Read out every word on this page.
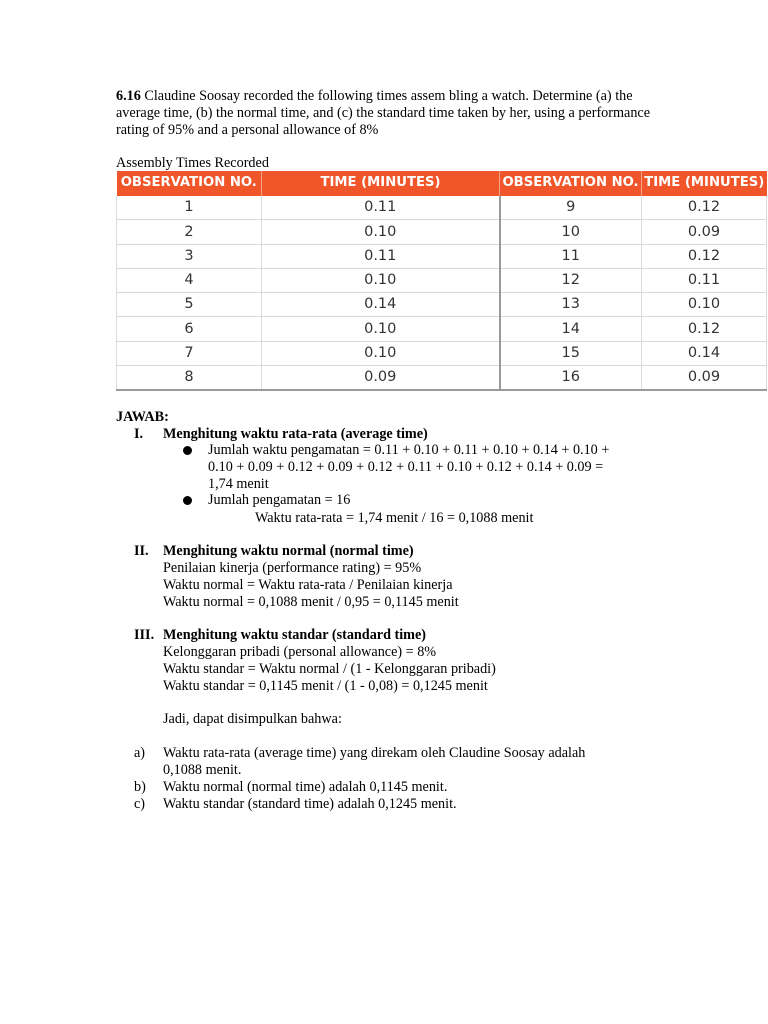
6.16 Claudine Soosay recorded the following times assem bling a watch. Determine (a) the average time, (b) the normal time, and (c) the standard time taken by her, using a performance rating of 95% and a personal allowance of 8%
Assembly Times Recorded
OBSERVATION NO.	TIME (MINUTES)	OBSERVATION NO.	TIME (MINUTES)
1	0.11	9	0.12
2	0.10	10	0.09
3	0.11	11	0.12
4	0.10	12	0.11
5	0.14	13	0.10
6	0.10	14	0.12
7	0.10	15	0.14
8	0.09	16	0.09
JAWAB:
I. Menghitung waktu rata-rata (average time)
Jumlah waktu pengamatan = 0.11 + 0.10 + 0.11 + 0.10 + 0.14 + 0.10 +
0.10 + 0.09 + 0.12 + 0.09 + 0.12 + 0.11 + 0.10 + 0.12 + 0.14 + 0.09 =
1,74 menit
Jumlah pengamatan = 16
Waktu rata-rata = 1,74 menit / 16 = 0,1088 menit
II. Menghitung waktu normal (normal time)
Penilaian kinerja (performance rating) = 95%
Waktu normal = Waktu rata-rata / Penilaian kinerja
Waktu normal = 0,1088 menit / 0,95 = 0,1145 menit
III. Menghitung waktu standar (standard time)
Kelonggaran pribadi (personal allowance) = 8%
Waktu standar = Waktu normal / (1 - Kelonggaran pribadi)
Waktu standar = 0,1145 menit / (1 - 0,08) = 0,1245 menit
Jadi, dapat disimpulkan bahwa:
a) Waktu rata-rata (average time) yang direkam oleh Claudine Soosay adalah
0,1088 menit.
b) Waktu normal (normal time) adalah 0,1145 menit.
c) Waktu standar (standard time) adalah 0,1245 menit.
